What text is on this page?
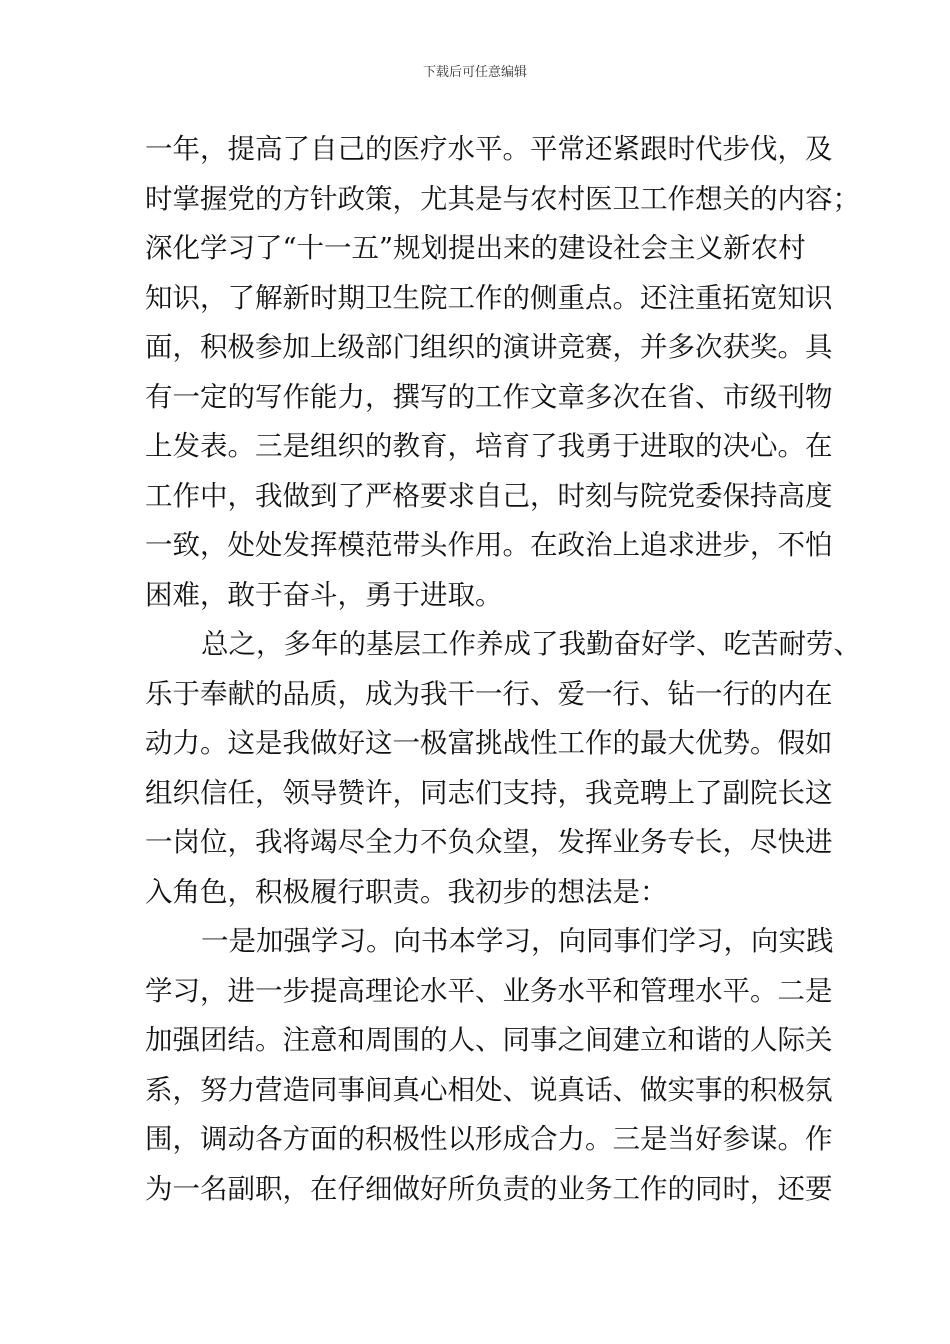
下载后可任意编辑
一年，提高了自己的医疗水平。平常还紧跟时代步伐，及
时掌握党的方针政策，尤其是与农村医卫工作想关的内容；
深化学习了“十一五”规划提出来的建设社会主义新农村
知识，了解新时期卫生院工作的侧重点。还注重拓宽知识
面，积极参加上级部门组织的演讲竞赛，并多次获奖。具
有一定的写作能力，撰写的工作文章多次在省、市级刊物
上发表。三是组织的教育，培育了我勇于进取的决心。在
工作中，我做到了严格要求自己，时刻与院党委保持高度
一致，处处发挥模范带头作用。在政治上追求进步，不怕
困难，敢于奋斗，勇于进取。
总之，多年的基层工作养成了我勤奋好学、吃苦耐劳、
乐于奉献的品质，成为我干一行、爱一行、钻一行的内在
动力。这是我做好这一极富挑战性工作的最大优势。假如
组织信任，领导赞许，同志们支持，我竞聘上了副院长这
一岗位，我将竭尽全力不负众望，发挥业务专长，尽快进
入角色，积极履行职责。我初步的想法是：
一是加强学习。向书本学习，向同事们学习，向实践
学习，进一步提高理论水平、业务水平和管理水平。二是
加强团结。注意和周围的人、同事之间建立和谐的人际关
系，努力营造同事间真心相处、说真话、做实事的积极氛
围，调动各方面的积极性以形成合力。三是当好参谋。作
为一名副职，在仔细做好所负责的业务工作的同时，还要
